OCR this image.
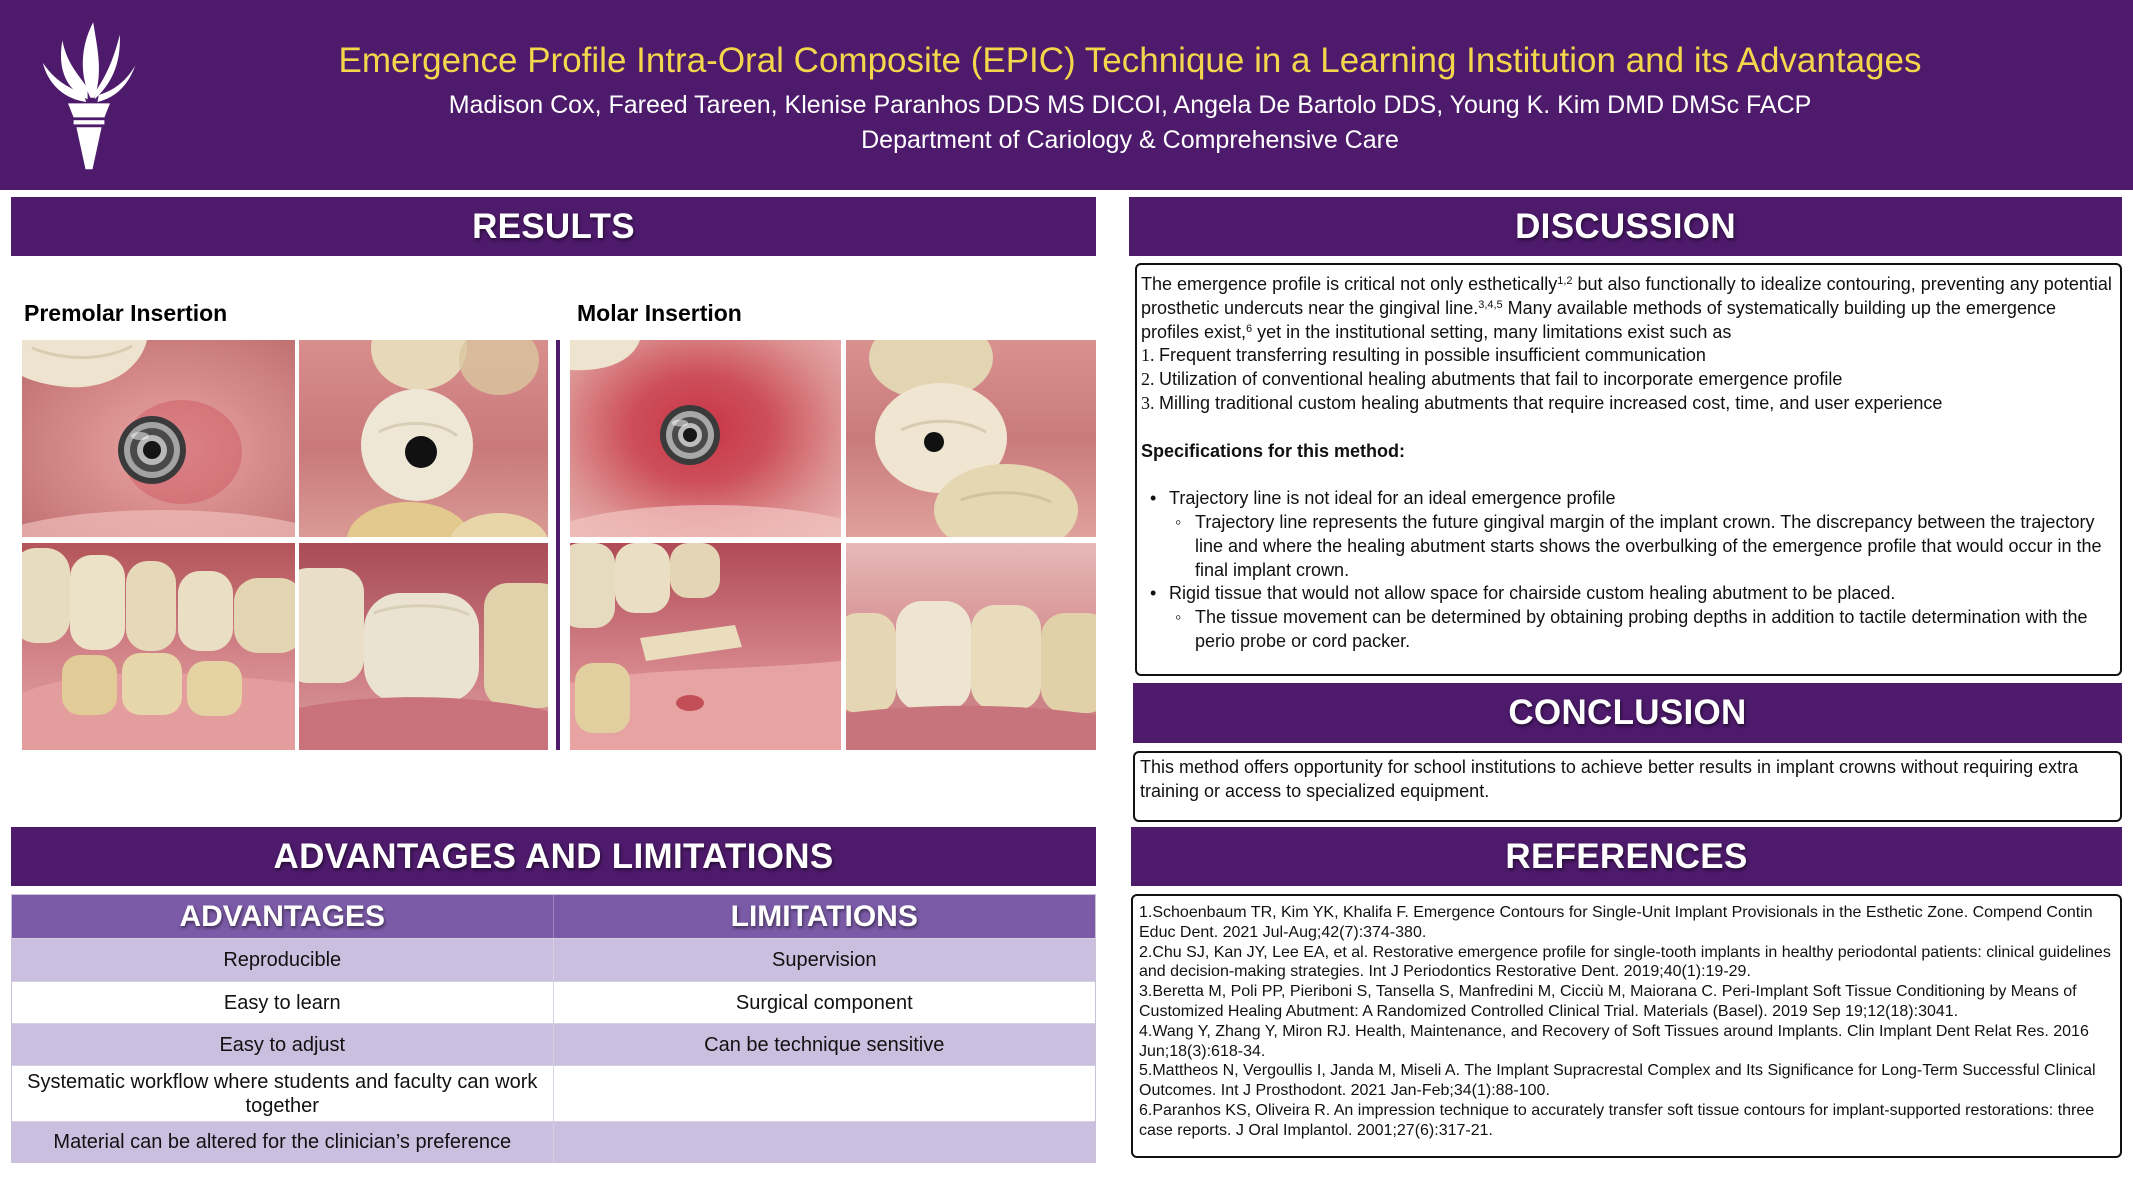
Emergence Profile Intra-Oral Composite (EPIC) Technique in a Learning Institution and its Advantages
Madison Cox, Fareed Tareen, Klenise Paranhos DDS MS DICOI, Angela De Bartolo DDS, Young K. Kim DMD DMSc FACP
Department of Cariology & Comprehensive Care
RESULTS
Premolar Insertion	Molar Insertion
ADVANTAGES AND LIMITATIONS
ADVANTAGES	LIMITATIONS
Reproducible	Supervision
Easy to learn	Surgical component
Easy to adjust	Can be technique sensitive
Systematic workflow where students and faculty can work together
Material can be altered for the clinician’s preference
DISCUSSION

The emergence profile is critical not only esthetically$^{1,2}$ but also functionally to idealize contouring, preventing any potential prosthetic undercuts near the gingival line.$^{3,4,5}$ Many available methods of systematically building up the emergence profiles exist,$^6$ yet in the institutional setting, many limitations exist such as

1. Frequent transferring resulting in possible insufficient communication
2. Utilization of conventional healing abutments that fail to incorporate emergence profile
3. Milling traditional custom healing abutments that require increased cost, time, and user experience

Specifications for this method:

• Trajectory line is not ideal for an ideal emergence profile
◦ Trajectory line represents the future gingival margin of the implant crown. The discrepancy between the trajectory line and where the healing abutment starts shows the overbulking of the emergence profile that would occur in the final implant crown.
• Rigid tissue that would not allow space for chairside custom healing abutment to be placed.
◦ The tissue movement can be determined by obtaining probing depths in addition to tactile determination with the perio probe or cord packer.
CONCLUSION
This method offers opportunity for school institutions to achieve better results in implant crowns without requiring extra training or access to specialized equipment.
REFERENCES

1.Schoenbaum TR, Kim YK, Khalifa F. Emergence Contours for Single-Unit Implant Provisionals in the Esthetic Zone. Compend Contin Educ Dent. 2021 Jul-Aug;42(7):374-380.

2.Chu SJ, Kan JY, Lee EA, et al. Restorative emergence profile for single-tooth implants in healthy periodontal patients: clinical guidelines and decision-making strategies. Int J Periodontics Restorative Dent. 2019;40(1):19-29.

3.Beretta M, Poli PP, Pieriboni S, Tansella S, Manfredini M, Cicciù M, Maiorana C. Peri-Implant Soft Tissue Conditioning by Means of Customized Healing Abutment: A Randomized Controlled Clinical Trial. Materials (Basel). 2019 Sep 19;12(18):3041.

4.Wang Y, Zhang Y, Miron RJ. Health, Maintenance, and Recovery of Soft Tissues around Implants. Clin Implant Dent Relat Res. 2016 Jun;18(3):618-34.

5.Mattheos N, Vergoullis I, Janda M, Miseli A. The Implant Supracrestal Complex and Its Significance for Long-Term Successful Clinical Outcomes. Int J Prosthodont. 2021 Jan-Feb;34(1):88-100.

6.Paranhos KS, Oliveira R. An impression technique to accurately transfer soft tissue contours for implant-supported restorations: three case reports. J Oral Implantol. 2001;27(6):317-21.
